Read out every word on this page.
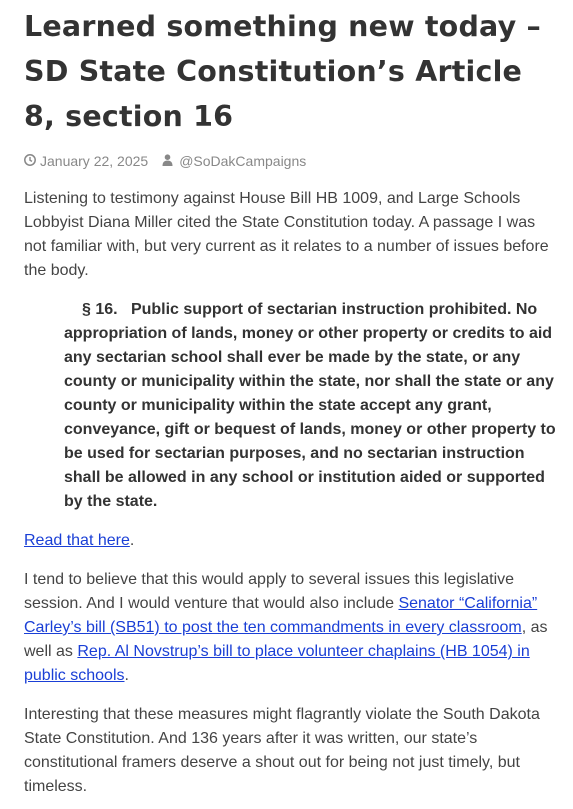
Learned something new today – SD State Constitution’s Article 8, section 16
January 22, 2025 @SoDakCampaigns

Listening to testimony against House Bill HB 1009, and Large Schools Lobbyist Diana Miller cited the State Constitution today. A passage I was not familiar with, but very current as it relates to a number of issues before the body.

§ 16. Public support of sectarian instruction prohibited. No appropriation of lands, money or other property or credits to aid any sectarian school shall ever be made by the state, or any county or municipality within the state, nor shall the state or any county or municipality within the state accept any grant, conveyance, gift or bequest of lands, money or other property to be used for sectarian purposes, and no sectarian instruction shall be allowed in any school or institution aided or supported by the state.

Read that here.

I tend to believe that this would apply to several issues this legislative session. And I would venture that would also include Senator “California” Carley’s bill (SB51) to post the ten commandments in every classroom, as well as Rep. Al Novstrup’s bill to place volunteer chaplains (HB 1054) in public schools.

Interesting that these measures might flagrantly violate the South Dakota State Constitution. And 136 years after it was written, our state’s constitutional framers deserve a shout out for being not just timely, but timeless.
